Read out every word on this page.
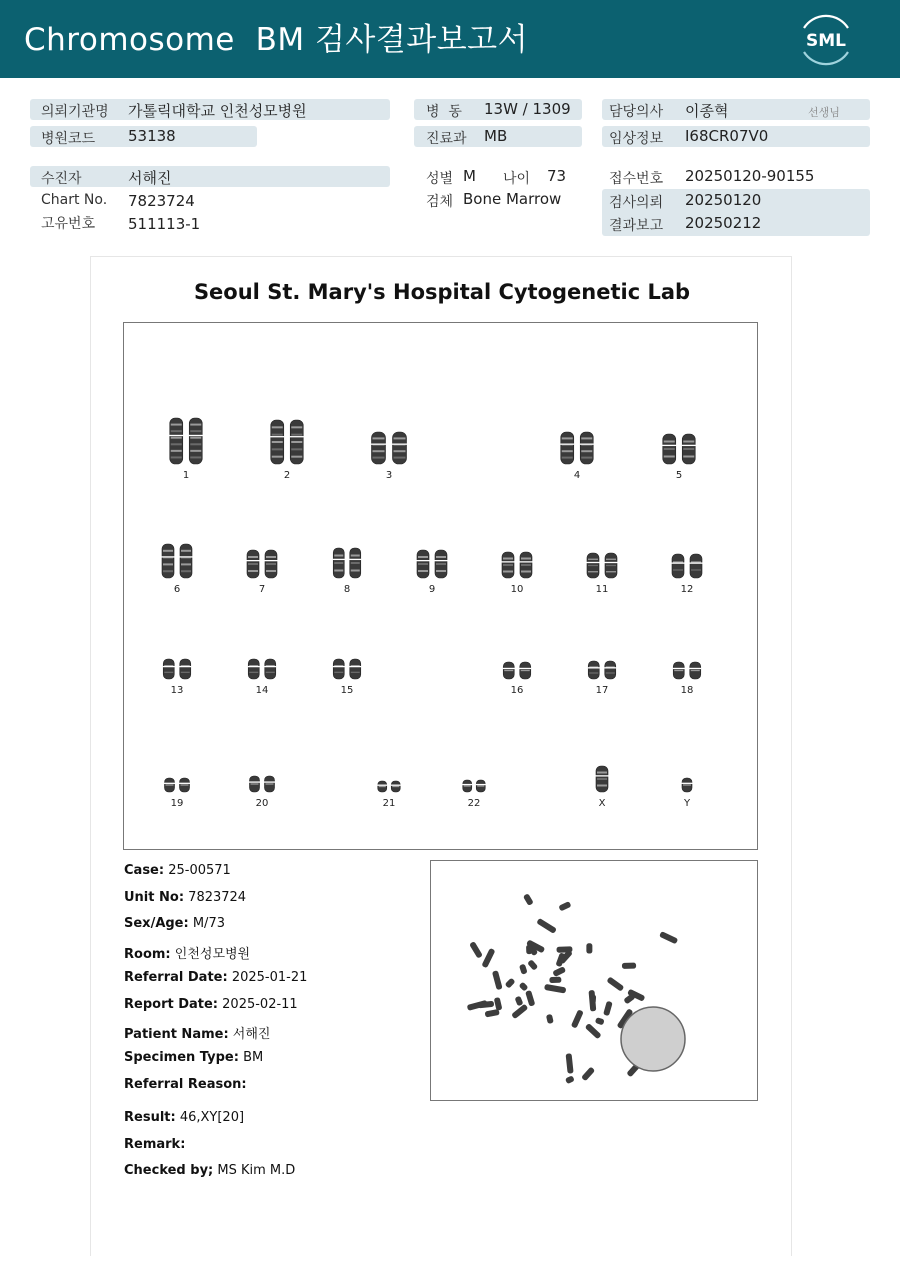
Chromosome  BM 검사결과보고서	SML
의뢰기관명 가톨릭대학교 인천성모병원
병원코드 53138
수진자	서해진
Chart No. 7823724
고유번호 511113-1
병  동 13W / 1309
진료과 MB
성별 M 나이 73
검체 Bone Marrow
담당의사 이종혁	선생님
임상정보 I68CR07V0
접수번호 20250120-90155
검사의뢰 20250120
결과보고 20250212
Seoul St. Mary's Hospital Cytogenetic Lab
1	2	3	4	5
6	7	8	9	10	11	12
13	14	15	16	17	18
19	20	21	22	X	Y
Case: 25-00571
Unit No: 7823724
Sex/Age: M/73
Room: 인천성모병원
Referral Date: 2025-01-21
Report Date: 2025-02-11
Patient Name: 서해진
Specimen Type: BM
Referral Reason:
Result: 46,XY[20]
Remark:
Checked by; MS Kim M.D
